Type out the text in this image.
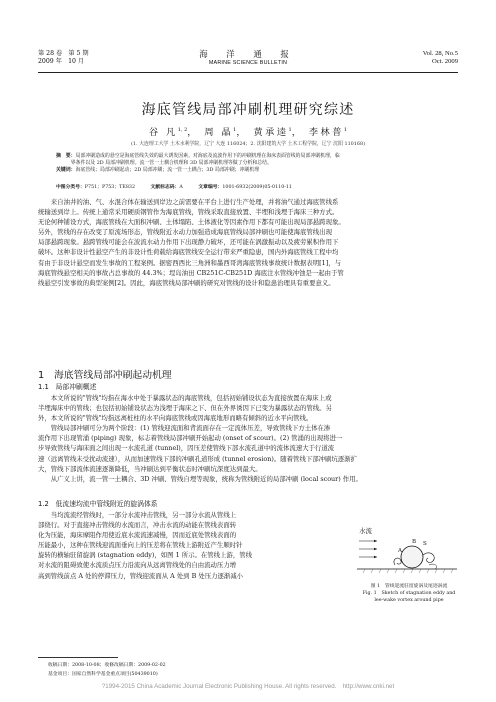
第 28 卷　第 5 期
2009 年　10 月
海 洋 通 报
MARINE SCIENCE BULLETIN
Vol. 28, No.5
Oct. 2009
海底管线局部冲刷机理研究综述
谷 凡$^{1, 2}$， 周 晶$^1$， 黄承逵$^1$， 李林普$^1$
(1. 大连理工大学 土木水利学院，辽宁 大连 116024；2. 沈阳建筑大学 土木工程学院，辽宁 沈阳 110168)
摘　要：局部冲刷造成的悬空是海底管线失效的最大诱发因素。对海底及流波作用下的冲刷机理在海床表面管线的局部冲刷机理，临
　　　界条件以及 2D 局部冲刷机理。流一管一土耦合机理和 3D 局部冲刷机理等做了分析和总结。
关键词：海底管线；局部冲刷起动；2D 局部冲刷；流一管一土耦合；3D 局部冲刷；冲刷机理
中图分类号：P751；P753；TE832	文献标志码：A	文章编号：1001-6932(2009)05-0110-11
　　来自油井的油、气、水混合体在输送到岸边之前需要在平台上进行生产处理，并将油气通过海底管线系
统输送到岸上。传统上通常采用硬质钢管作为海底管线，管线采取直接放置、半埋和浅埋于海床三种方式。
无论何种铺设方式，海底管线在大面积冲刷、土体塌陷、土体液化等因素作用下都有可能出现局部悬跨现象。
另外，管线的存在改变了原流场形态，管线附近水动力加强造成海底管线局部冲刷也可能使海底管线出现
局部悬跨现象。悬跨管线可能会在波流水动力作用下出现静力破坏，还可能在涡激振动以及疲劳累积作用下
破坏。这种非设计性悬空产生的非设计性荷载给海底管线安全运行带来严重隐患，国内外海底管线工程中均
有由于非设计悬空而发生事故的工程案例。据密西西比三角洲和墨西哥湾海底管线事故统计数据表明[1]，与
海底管线悬空相关的事故占总事故的 44.3%；埕岛油田 CB251C-CB251D 海底注水管线冲蚀是一起由于管
线悬空引发事故的典型案例[2]。因此，海底管线局部冲刷的研究对管线的设计和隐患治理具有重要意义。
1　海底管线局部冲刷起动机理
1.1　局部冲刷概述
　　本文所说的"管线"均指在海水中处于暴露状态的海底管线，包括初始铺设状态为直接放置在海床上或
半埋海床中的管线；也包括初始铺设状态为浅埋于海床之下、但在外界诱因下已变为暴露状态的管线。另
外，本文所说的"管线"均指远离桩柱的水平向海底管线或因海底地形而略有倾斜的近水平向管线。
　　管线局部冲刷可分为两个阶段：(1) 管线迎流面和背流面存在一定流体压差，导致管线下方土体在渗
流作用下出现管涌 (piping) 现象，标志着管线局部冲刷开始起动 (onset of scour)。(2) 管涌的出现将进一
步导致管线与海床面之间出现一水流孔道 (tunnel)，因压差使管线下部水流孔道中的流体流速大于行道流
速（远离管线未受扰动流速），从而加速管线下部的冲刷孔道形成 (tunnel erosion)。随着管线下部冲刷坑逐渐扩
大，管线下部流体流速逐渐降低，当冲刷达到平衡状态时冲刷坑深度达到最大。
　　从广义上讲，流一管一土耦合、3D 冲刷、管线自埋等现象，统称为管线附近的局部冲刷 (local scour) 作用。
1.2　低流速均流中管线附近的旋涡体系
　　当均流流经管线时，一部分水流冲击管线，另一部分水流从管线上
部绕行。对于直接冲击管线的水流而言，冲击水流的动能在管线表面转
化为压能，海床摩阻作用使近底水流流速减慢，因而近底处管线表面的
压能最小，这种在管线迎流面垂向上的压差将在管线上游附近产生顺时针
旋转的横轴驻留旋涡 (stagnation eddy)，如图 1 所示。在管线上游，管线
对水流的阻碍致使水流质点压力沿流向从远离管线处的自由流动压力增
高到管线前点 A 处的停滞压力，管线迎流面从 A 处到 B 处压力逐渐减小
水流
A
B S
图 1　管线迎流驻留旋涡及尾迹涡流
Fig. 1　Sketch of stagnation eddy and
lee-wake vortex around pipe
收稿日期：2008-10-08；收修改稿日期：2009-02-02
基金项目：国家自然科学基金重点项目(50439010)
?1994-2015 China Academic Journal Electronic Publishing House. All rights reserved.　http://www.cnki.net
